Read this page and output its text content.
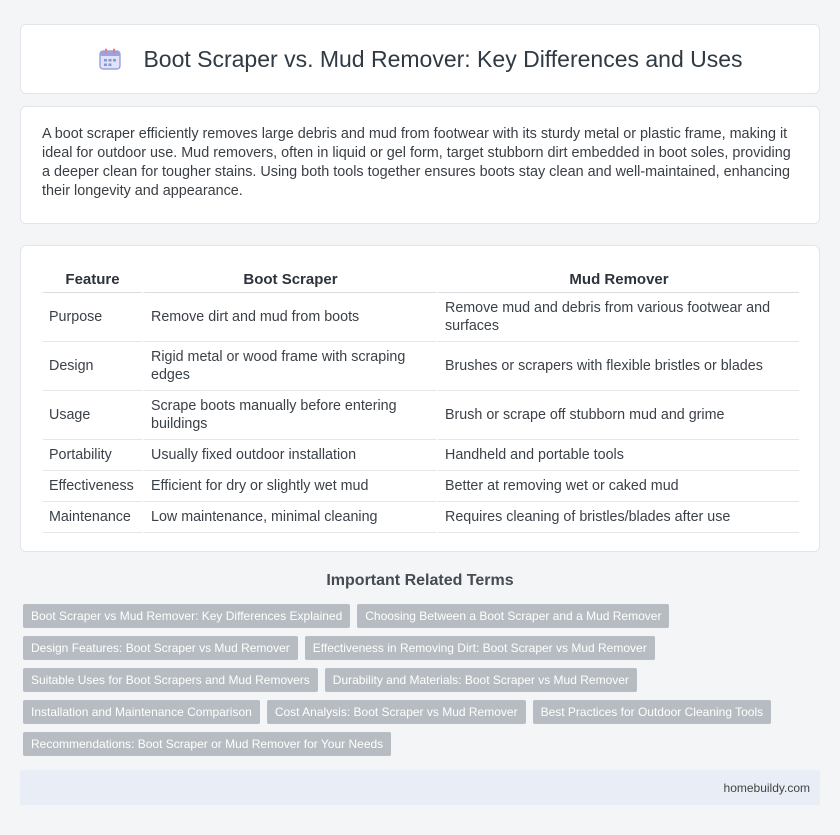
Boot Scraper vs. Mud Remover: Key Differences and Uses

A boot scraper efficiently removes large debris and mud from footwear with its sturdy metal or plastic frame, making it ideal for outdoor use. Mud removers, often in liquid or gel form, target stubborn dirt embedded in boot soles, providing a deeper clean for tougher stains. Using both tools together ensures boots stay clean and well-maintained, enhancing their longevity and appearance.

Feature	Boot Scraper	Mud Remover
Purpose	Remove dirt and mud from boots	Remove mud and debris from various footwear and surfaces
Design	Rigid metal or wood frame with scraping edges	Brushes or scrapers with flexible bristles or blades
Usage	Scrape boots manually before entering buildings	Brush or scrape off stubborn mud and grime
Portability	Usually fixed outdoor installation	Handheld and portable tools
Effectiveness	Efficient for dry or slightly wet mud	Better at removing wet or caked mud
Maintenance	Low maintenance, minimal cleaning	Requires cleaning of bristles/blades after use
Important Related Terms
Boot Scraper vs Mud Remover: Key Differences Explained	Choosing Between a Boot Scraper and a Mud Remover
Design Features: Boot Scraper vs Mud Remover	Effectiveness in Removing Dirt: Boot Scraper vs Mud Remover
Suitable Uses for Boot Scrapers and Mud Removers	Durability and Materials: Boot Scraper vs Mud Remover
Installation and Maintenance Comparison	Cost Analysis: Boot Scraper vs Mud Remover	Best Practices for Outdoor Cleaning Tools
Recommendations: Boot Scraper or Mud Remover for Your Needs
homebuildy.com
